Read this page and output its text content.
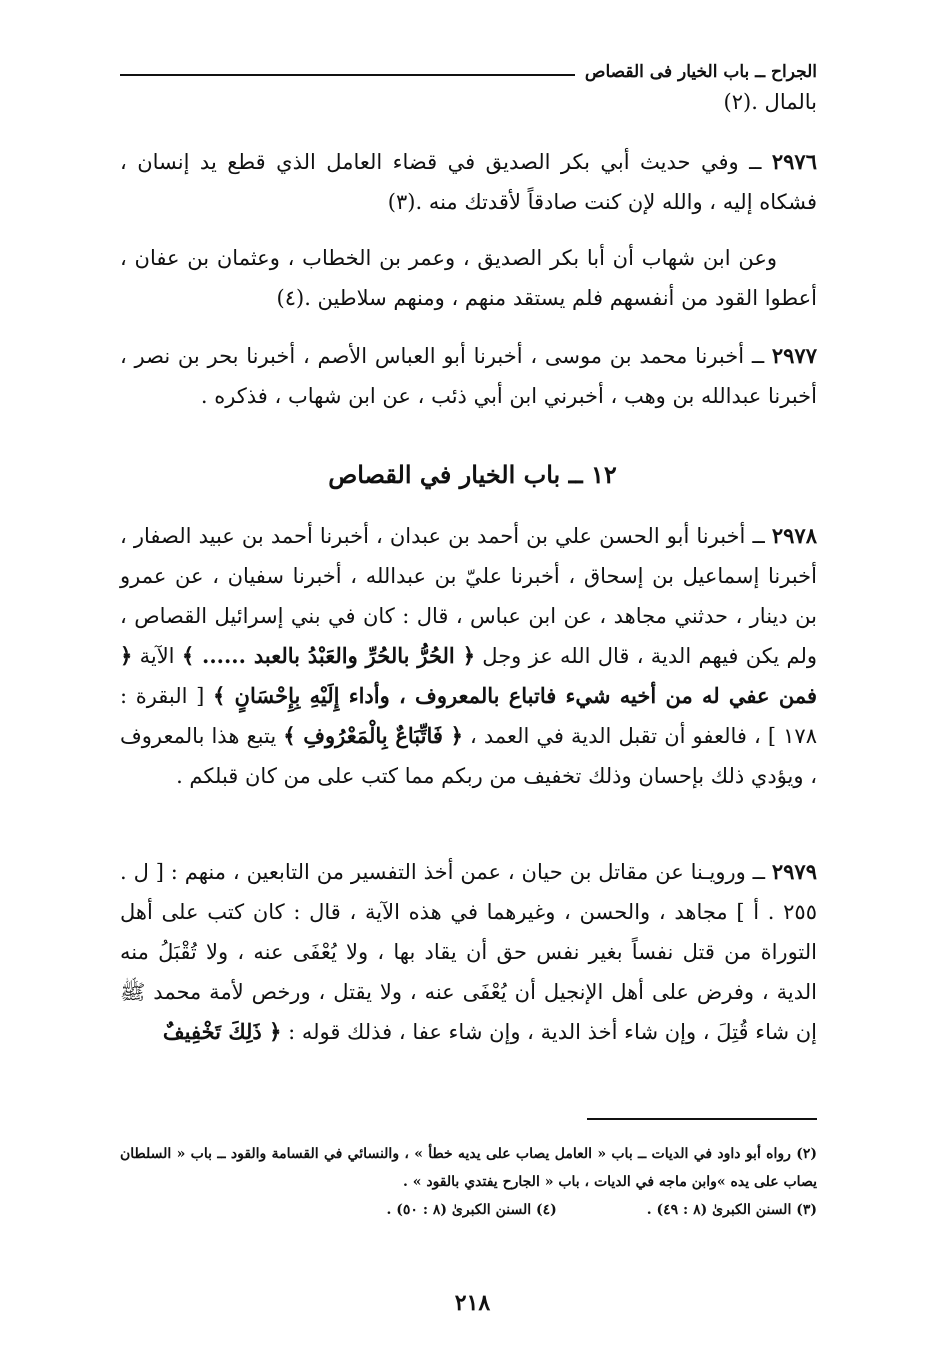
الجراح ــ باب الخيار فى القصاص

بالمال .(٢)

٢٩٧٦ ــ وفي حديث أبي بكر الصديق في قضاء العامل الذي قطع يد إنسان ، فشكاه إليه ، والله لإن كنت صادقاً لأقدتك منه .(٣)

وعن ابن شهاب أن أبا بكر الصديق ، وعمر بن الخطاب ، وعثمان بن عفان ، أعطوا القود من أنفسهم فلم يستقد منهم ، ومنهم سلاطين .(٤)

٢٩٧٧ ــ أخبرنا محمد بن موسى ، أخبرنا أبو العباس الأصم ، أخبرنا بحر بن نصر ، أخبرنا عبدالله بن وهب ، أخبرني ابن أبي ذئب ، عن ابن شهاب ، فذكره .

١٢ ــ باب الخيار في القصاص

٢٩٧٨ ــ أخبرنا أبو الحسن علي بن أحمد بن عبدان ، أخبرنا أحمد بن عبيد الصفار ، أخبرنا إسماعيل بن إسحاق ، أخبرنا عليّ بن عبدالله ، أخبرنا سفيان ، عن عمرو بن دينار ، حدثني مجاهد ، عن ابن عباس ، قال : كان في بني إسرائيل القصاص ، ولم يكن فيهم الدية ، قال الله عز وجل ﴿ الحُرُّ بالحُرِّ والعَبْدُ بالعبد ...... ﴾ الآية ﴿ فمن عفي له من أخيه شيء فاتباع بالمعروف ، وأداء إِلَيْهِ بِإِحْسَانٍ ﴾ [ البقرة : ١٧٨ ] ، فالعفو أن تقبل الدية في العمد ، ﴿ فَاتِّبَاعٌ بِالْمَعْرُوفِ ﴾ يتبع هذا بالمعروف ، ويؤدي ذلك بإحسان وذلك تخفيف من ربكم مما كتب على من كان قبلكم .

٢٩٧٩ ــ ورويـنا عن مقاتل بن حيان ، عمن أخذ التفسير من التابعين ، منهم : [ ل . ٢٥٥ . أ ] مجاهد ، والحسن ، وغيرهما في هذه الآية ، قال : كان كتب على أهل التوراة من قتل نفساً بغير نفس حق أن يقاد بها ، ولا يُعْفَى عنه ، ولا تُقْبَلُ منه الدية ، وفرض على أهل الإنجيل أن يُعْفَى عنه ، ولا يقتل ، ورخص لأمة محمد ﷺ إن شاء قُتِلَ ، وإن شاء أخذ الدية ، وإن شاء عفا ، فذلك قوله : ﴿ ذَلِكَ تَخْفِيفٌ

(٢) رواه أبو داود في الديات ــ باب « العامل يصاب على يديه خطأ » ، والنسائي في القسامة والقود ــ باب « السلطان يصاب على يده »وابن ماجه في الديات ، باب « الجارح يفتدي بالقود » .

(٣) السنن الكبرىٰ (٨ : ٤٩) .
(٤) السنن الكبرىٰ (٨ : ٥٠) .
٢١٨
